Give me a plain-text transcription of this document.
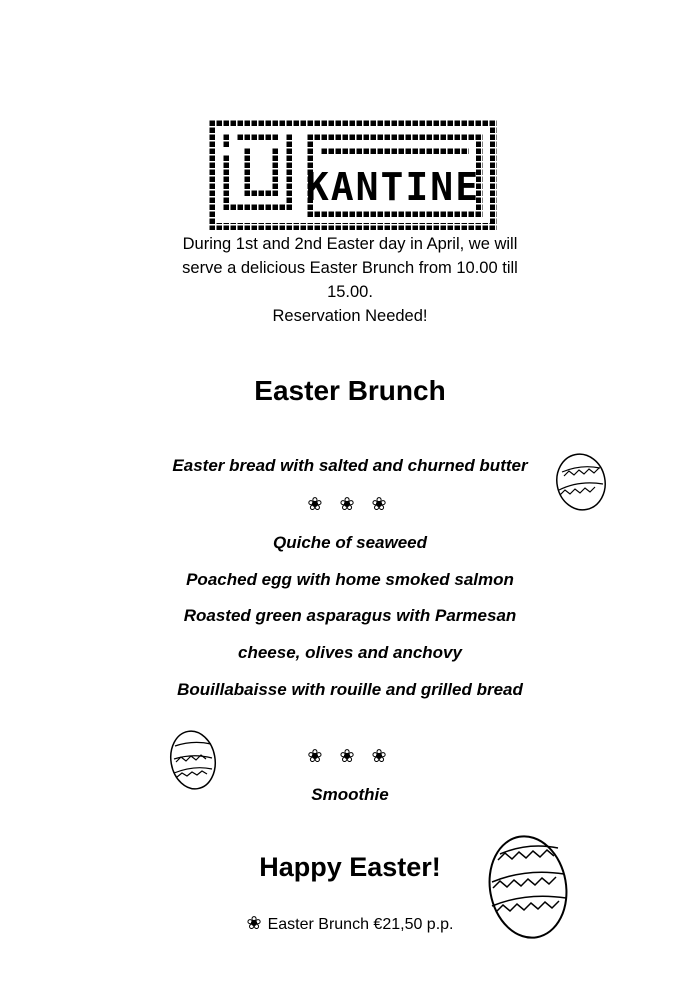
KANTINE

During 1st and 2nd Easter day in April, we will

serve a delicious Easter Brunch from 10.00 till

15.00.

Reservation Needed!

Easter Brunch

Easter bread with salted and churned butter

❀ ❀ ❀

Quiche of seaweed

Poached egg with home smoked salmon

Roasted green asparagus with Parmesan

cheese, olives and anchovy

Bouillabaisse with rouille and grilled bread

❀ ❀ ❀

Smoothie

Happy Easter!
❀ Easter Brunch €21,50 p.p.
